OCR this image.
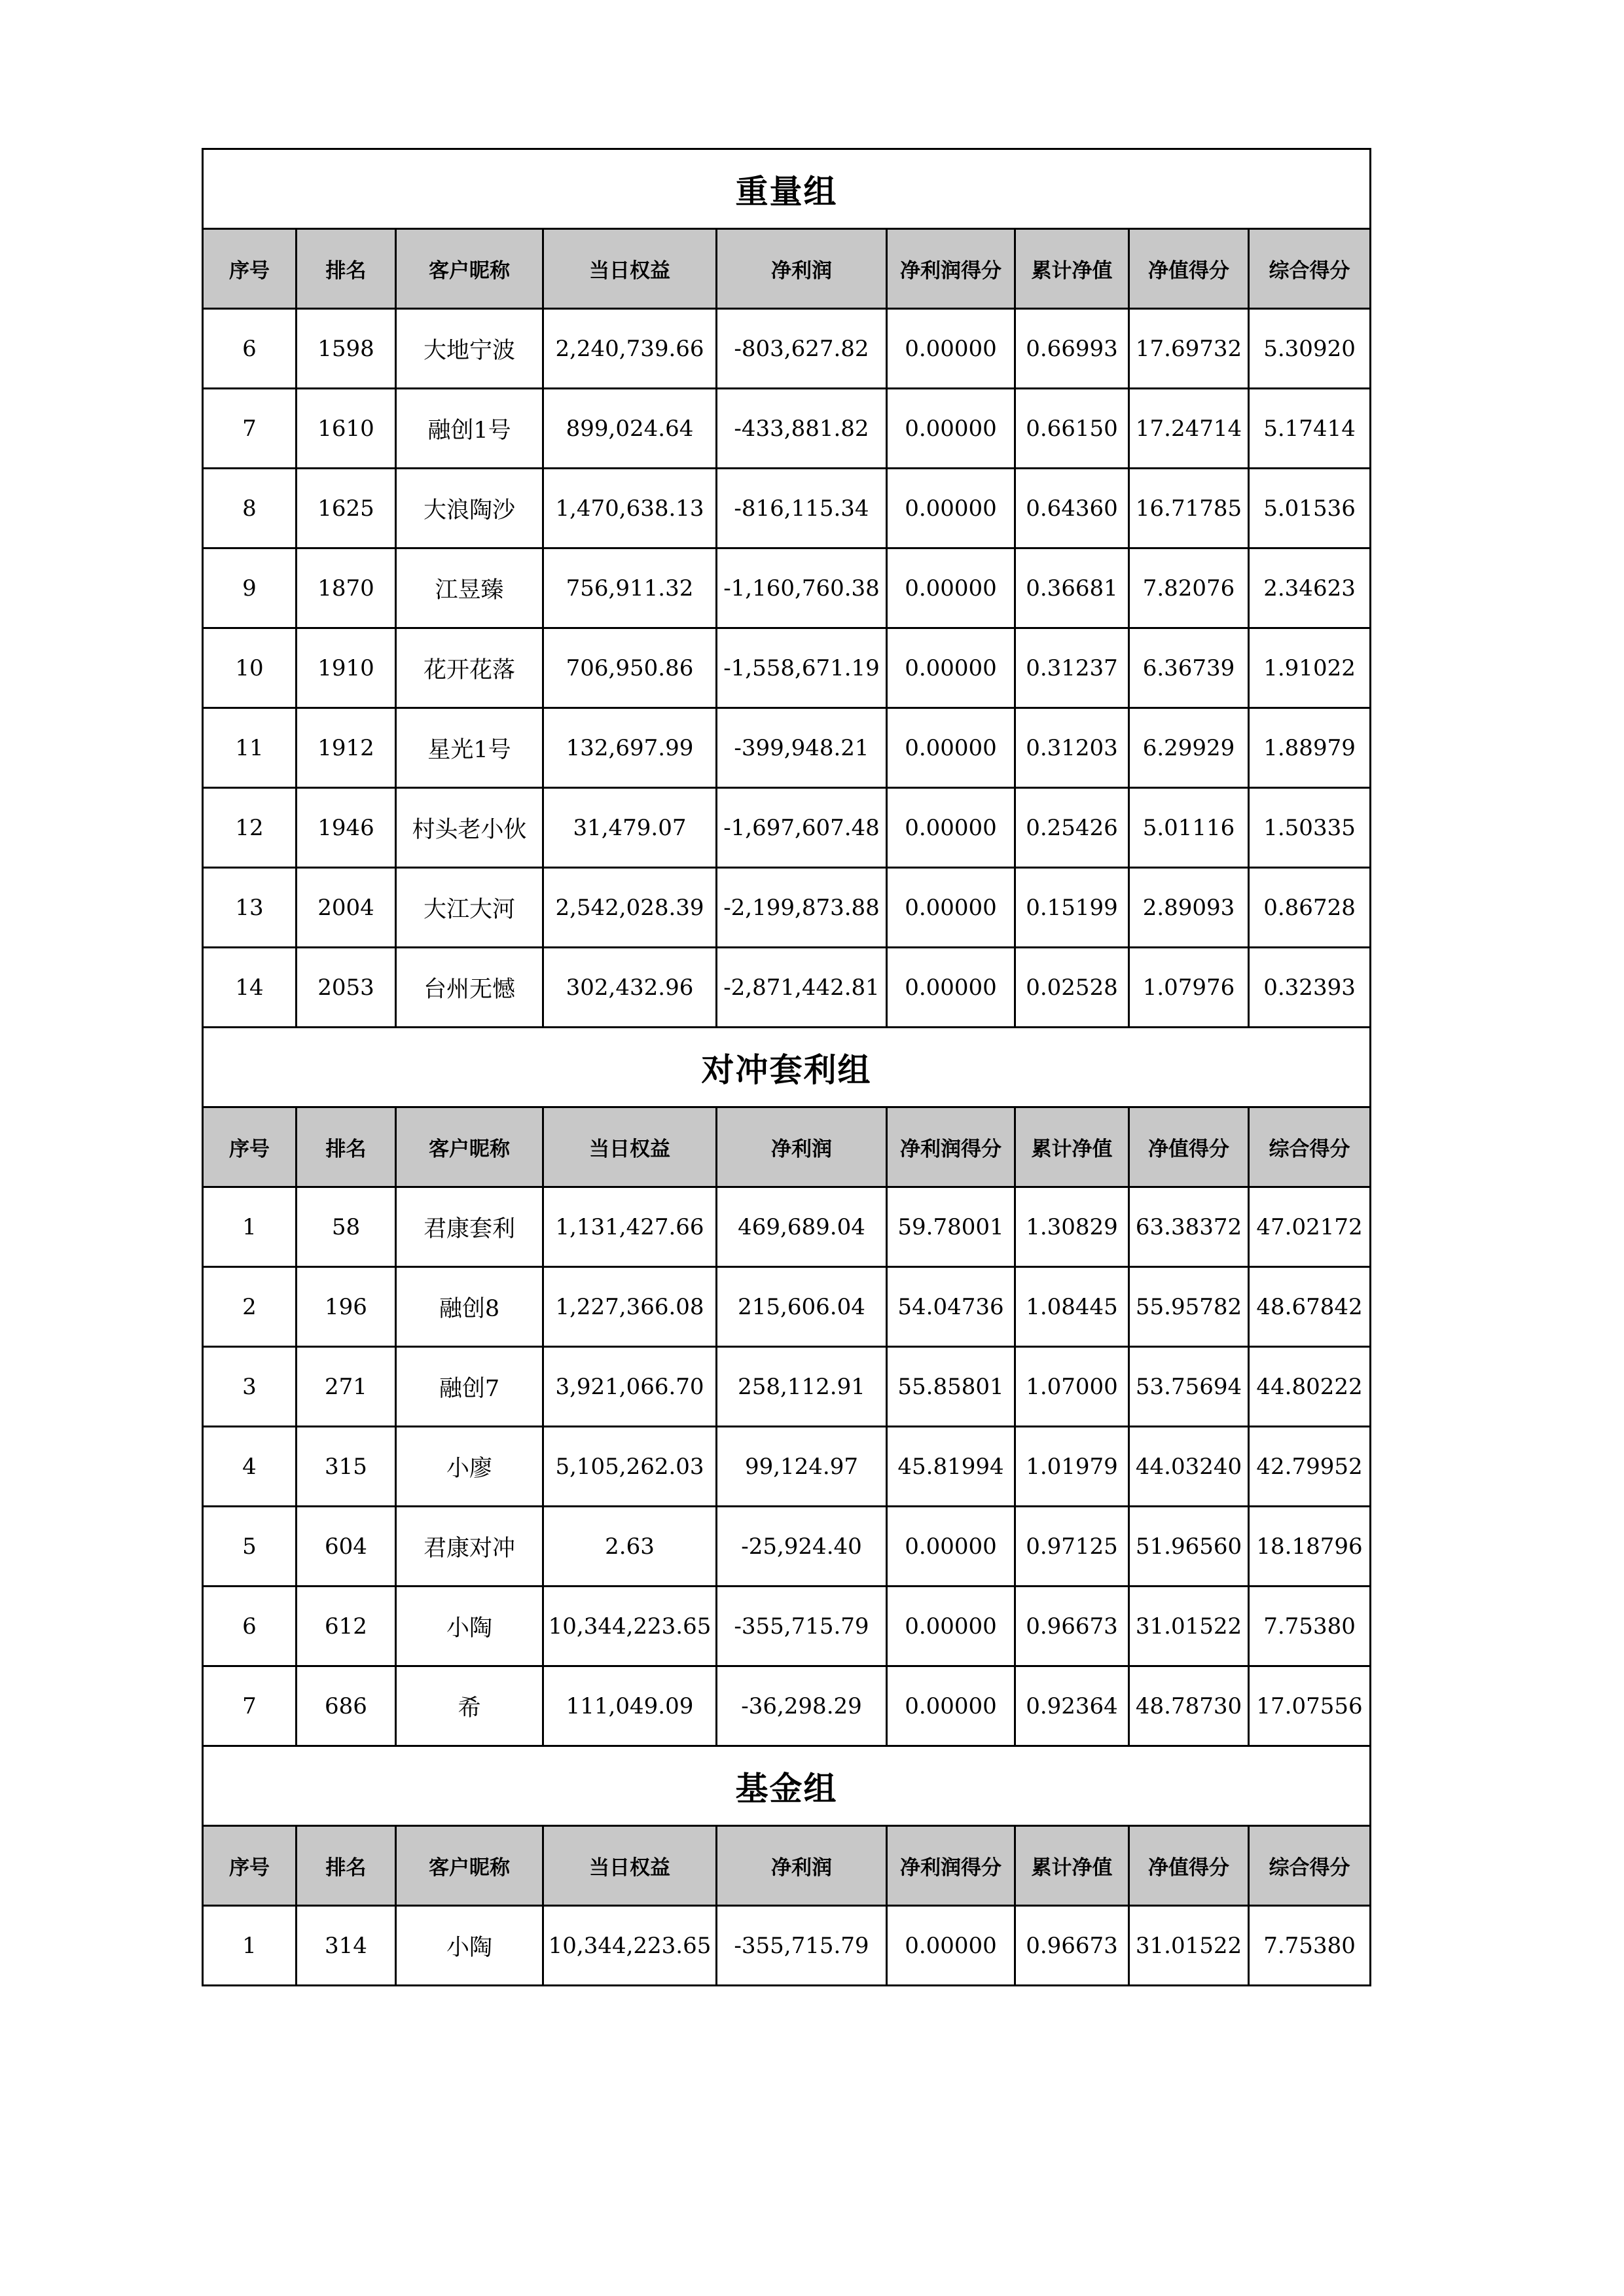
重量组								
序号	排名	客户昵称	当日权益	净利润	净利润得分	累计净值	净值得分	综合得分
6	1598	大地宁波	2,240,739.66	-803,627.82	0.00000	0.66993	17.69732	5.30920
7	1610	融创1号	899,024.64	-433,881.82	0.00000	0.66150	17.24714	5.17414
8	1625	大浪陶沙	1,470,638.13	-816,115.34	0.00000	0.64360	16.71785	5.01536
9	1870	江昱臻	756,911.32	-1,160,760.38	0.00000	0.36681	7.82076	2.34623
10	1910	花开花落	706,950.86	-1,558,671.19	0.00000	0.31237	6.36739	1.91022
11	1912	星光1号	132,697.99	-399,948.21	0.00000	0.31203	6.29929	1.88979
12	1946	村头老小伙	31,479.07	-1,697,607.48	0.00000	0.25426	5.01116	1.50335
13	2004	大江大河	2,542,028.39	-2,199,873.88	0.00000	0.15199	2.89093	0.86728
14	2053	台州无憾	302,432.96	-2,871,442.81	0.00000	0.02528	1.07976	0.32393
对冲套利组								
序号	排名	客户昵称	当日权益	净利润	净利润得分	累计净值	净值得分	综合得分
1	58	君康套利	1,131,427.66	469,689.04	59.78001	1.30829	63.38372	47.02172
2	196	融创8	1,227,366.08	215,606.04	54.04736	1.08445	55.95782	48.67842
3	271	融创7	3,921,066.70	258,112.91	55.85801	1.07000	53.75694	44.80222
4	315	小廖	5,105,262.03	99,124.97	45.81994	1.01979	44.03240	42.79952
5	604	君康对冲	2.63	-25,924.40	0.00000	0.97125	51.96560	18.18796
6	612	小陶	10,344,223.65	-355,715.79	0.00000	0.96673	31.01522	7.75380
7	686	希	111,049.09	-36,298.29	0.00000	0.92364	48.78730	17.07556
基金组								
序号	排名	客户昵称	当日权益	净利润	净利润得分	累计净值	净值得分	综合得分
1	314	小陶	10,344,223.65	-355,715.79	0.00000	0.96673	31.01522	7.75380
